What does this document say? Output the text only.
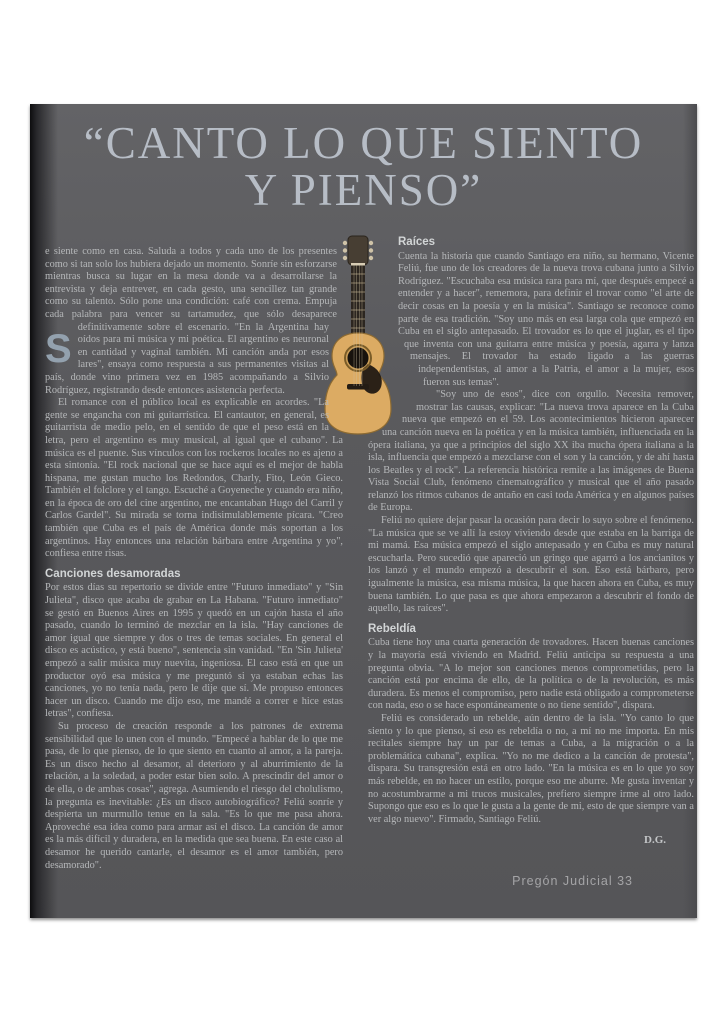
“CANTO LO QUE SIENTO
Y PIENSO”

S
e siente como en casa. Saluda a todos y cada uno de los presentes como si tan solo los hubiera dejado un momento. Sonríe sin esforzarse mientras busca su lugar en la mesa donde va a desarrollarse la entrevista y deja entrever, en cada gesto, una sencillez tan grande como su talento. Sólo pone una condición: café con crema. Empuja cada palabra para vencer su tartamudez, que sólo desaparece definitivamente sobre el escenario. "En la Argentina hay oídos para mi música y mi poética. El argentino es neuronal en cantidad y vaginal también. Mi canción anda por esos lares", ensaya como respuesta a sus permanentes visitas al país, donde vino primera vez en 1985 acompañando a Silvio Rodríguez, registrando desde entonces asistencia perfecta.

El romance con el público local es explicable en acordes. "La gente se engancha con mi guitarrística. El cantautor, en general, es guitarrista de medio pelo, en el sentido de que el peso está en la letra, pero el argentino es muy musical, al igual que el cubano". La música es el puente. Sus vínculos con los rockeros locales no es ajeno a esta sintonía. "El rock nacional que se hace aquí es el mejor de habla hispana, me gustan mucho los Redondos, Charly, Fito, León Gieco. También el folclore y el tango. Escuché a Goyeneche y cuando era niño, en la época de oro del cine argentino, me encantaban Hugo del Carril y Carlos Gardel". Su mirada se torna indisimulablemente pícara. "Creo también que Cuba es el país de América donde más soportan a los argentinos. Hay entonces una relación bárbara entre Argentina y yo", confiesa entre risas.

Canciones desamoradas

Por estos días su repertorio se divide entre "Futuro inmediato" y "Sin Julieta", disco que acaba de grabar en La Habana. "Futuro inmediato" se gestó en Buenos Aires en 1995 y quedó en un cajón hasta el año pasado, cuando lo terminó de mezclar en la isla. "Hay canciones de amor igual que siempre y dos o tres de temas sociales. En general el disco es acústico, y está bueno", sentencia sin vanidad. "En 'Sin Julieta' empezó a salir música muy nuevita, ingeniosa. El caso está en que un productor oyó esa música y me preguntó si ya estaban echas las canciones, yo no tenía nada, pero le dije que sí. Me propuso entonces hacer un disco. Cuando me dijo eso, me mandé a correr e hice estas letras", confiesa.

Su proceso de creación responde a los patrones de extrema sensibilidad que lo unen con el mundo. "Empecé a hablar de lo que me pasa, de lo que pienso, de lo que siento en cuanto al amor, a la pareja. Es un disco hecho al desamor, al deterioro y al aburrimiento de la relación, a la soledad, a poder estar bien solo. A prescindir del amor o de ella, o de ambas cosas", agrega. Asumiendo el riesgo del cholulismo, la pregunta es inevitable: ¿Es un disco autobiográfico? Feliú sonríe y despierta un murmullo tenue en la sala. "Es lo que me pasa ahora. Aproveché esa idea como para armar así el disco. La canción de amor es la más difícil y duradera, en la medida que sea buena. En este caso al desamor he querido cantarle, el desamor es el amor también, pero desamorado".

Raíces

Cuenta la historia que cuando Santiago era niño, su hermano, Vicente Feliú, fue uno de los creadores de la nueva trova cubana junto a Silvio Rodríguez. "Escuchaba esa música rara para mí, que después empecé a entender y a hacer", rememora, para definir el trovar como "el arte de decir cosas en la poesía y en la música". Santiago se reconoce como parte de esa tradición. "Soy uno más en esa larga cola que empezó en Cuba en el siglo antepasado. El trovador es lo que el juglar, es el tipo que inventa con una guitarra entre música y poesía, agarra y lanza mensajes. El trovador ha estado ligado a las guerras independentistas, al amor a la Patria, el amor a la mujer, esos fueron sus temas".

"Soy uno de esos", dice con orgullo. Necesita remover, mostrar las causas, explicar: "La nueva trova aparece en la Cuba nueva que empezó en el 59. Los acontecimientos hicieron aparecer una canción nueva en la poética y en la música también, influenciada en la ópera italiana, ya que a principios del siglo XX iba mucha ópera italiana a la isla, influencia que empezó a mezclarse con el son y la canción, y de ahí hasta los Beatles y el rock". La referencia histórica remite a las imágenes de Buena Vista Social Club, fenómeno cinematográfico y musical que el año pasado relanzó los ritmos cubanos de antaño en casi toda América y en algunos países de Europa.

Feliú no quiere dejar pasar la ocasión para decir lo suyo sobre el fenómeno. "La música que se ve allí la estoy viviendo desde que estaba en la barriga de mi mamá. Esa música empezó el siglo antepasado y en Cuba es muy natural escucharla. Pero sucedió que apareció un gringo que agarró a los ancianitos y los lanzó y el mundo empezó a descubrir el son. Eso está bárbaro, pero igualmente la música, esa misma música, la que hacen ahora en Cuba, es muy buena también. Lo que pasa es que ahora empezaron a descubrir el fondo de aquello, las raíces".

Rebeldía

Cuba tiene hoy una cuarta generación de trovadores. Hacen buenas canciones y la mayoría está viviendo en Madrid. Feliú anticipa su respuesta a una pregunta obvia. "A lo mejor son canciones menos comprometidas, pero la canción está por encima de ello, de la política o de la revolución, es más duradera. Es menos el compromiso, pero nadie está obligado a comprometerse con nada, eso o se hace espontáneamente o no tiene sentido", dispara.

Feliú es considerado un rebelde, aún dentro de la isla. "Yo canto lo que siento y lo que pienso, si eso es rebeldía o no, a mí no me importa. En mis recitales siempre hay un par de temas a Cuba, a la migración o a la problemática cubana", explica. "Yo no me dedico a la canción de protesta", dispara. Su transgresión está en otro lado. "En la música es en lo que yo soy más rebelde, en no hacer un estilo, porque eso me aburre. Me gusta inventar y no acostumbrarme a mi trucos musicales, prefiero siempre irme al otro lado. Supongo que eso es lo que le gusta a la gente de mi, esto de que siempre van a ver algo nuevo". Firmado, Santiago Feliú.

D.G.
Pregón Judicial 33
